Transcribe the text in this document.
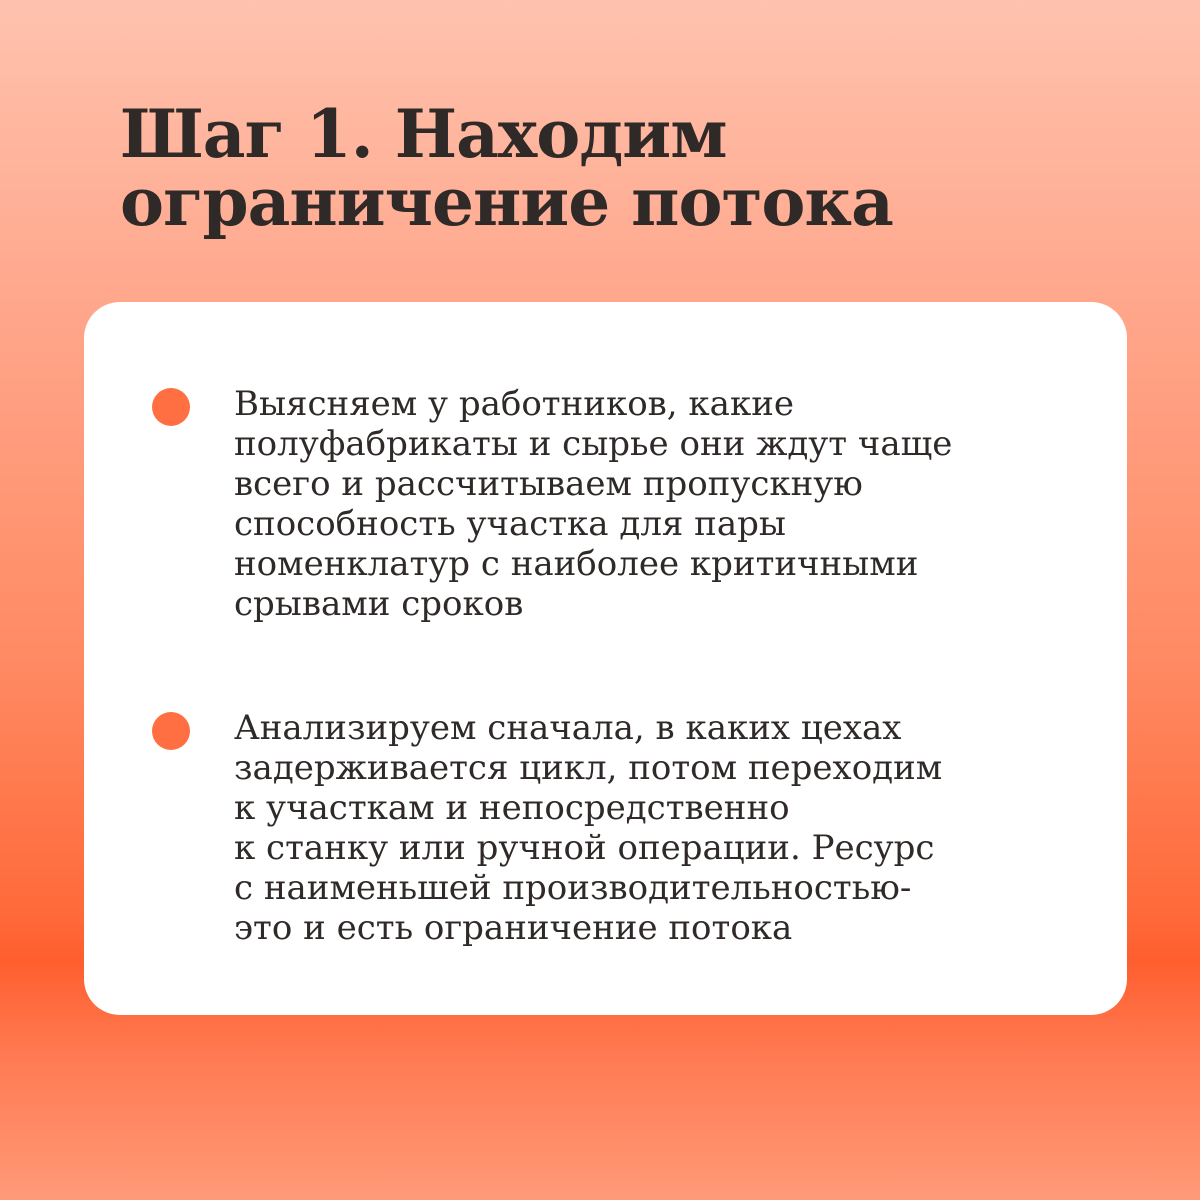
Шаг 1. Находим
ограничение потока
Выясняем у работников, какие
полуфабрикаты и сырье они ждут чаще
всего и рассчитываем пропускную
способность участка для пары
номенклатур с наиболее критичными
срывами сроков
Анализируем сначала, в каких цехах
задерживается цикл, потом переходим
к участкам и непосредственно
к станку или ручной операции. Ресурс
с наименьшей производительностью-
это и есть ограничение потока
